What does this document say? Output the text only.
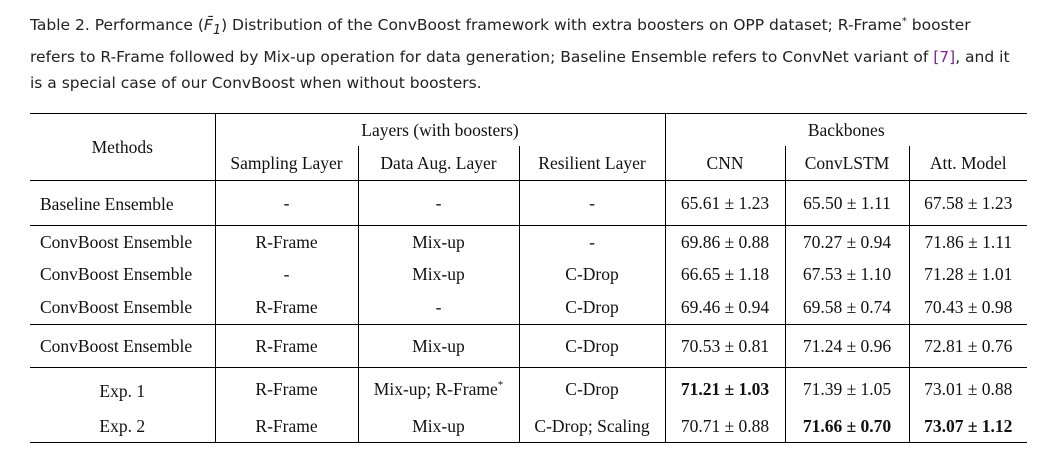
Table 2. Performance $(F̄_1)$ Distribution of the ConvBoost framework with extra boosters on OPP dataset; R-Frame* booster refers to R-Frame followed by Mix-up operation for data generation; Baseline Ensemble refers to ConvNet variant of [7], and it is a special case of our ConvBoost when without boosters.
Methods	Layers (with boosters)			Backbones		
	Sampling Layer	Data Aug. Layer	Resilient Layer	CNN	ConvLSTM	Att. Model
Baseline Ensemble	-	-	-	65.61 ± 1.23	65.50 ± 1.11	67.58 ± 1.23
ConvBoost Ensemble	R-Frame	Mix-up	-	69.86 ± 0.88	70.27 ± 0.94	71.86 ± 1.11
ConvBoost Ensemble	-	Mix-up	C-Drop	66.65 ± 1.18	67.53 ± 1.10	71.28 ± 1.01
ConvBoost Ensemble	R-Frame	-	C-Drop	69.46 ± 0.94	69.58 ± 0.74	70.43 ± 0.98
ConvBoost Ensemble	R-Frame	Mix-up	C-Drop	70.53 ± 0.81	71.24 ± 0.96	72.81 ± 0.76
Exp. 1	R-Frame	Mix-up; R-Frame*	C-Drop	71.21 ± 1.03	71.39 ± 1.05	73.01 ± 0.88
Exp. 2	R-Frame	Mix-up	C-Drop; Scaling	70.71 ± 0.88	71.66 ± 0.70	73.07 ± 1.12
